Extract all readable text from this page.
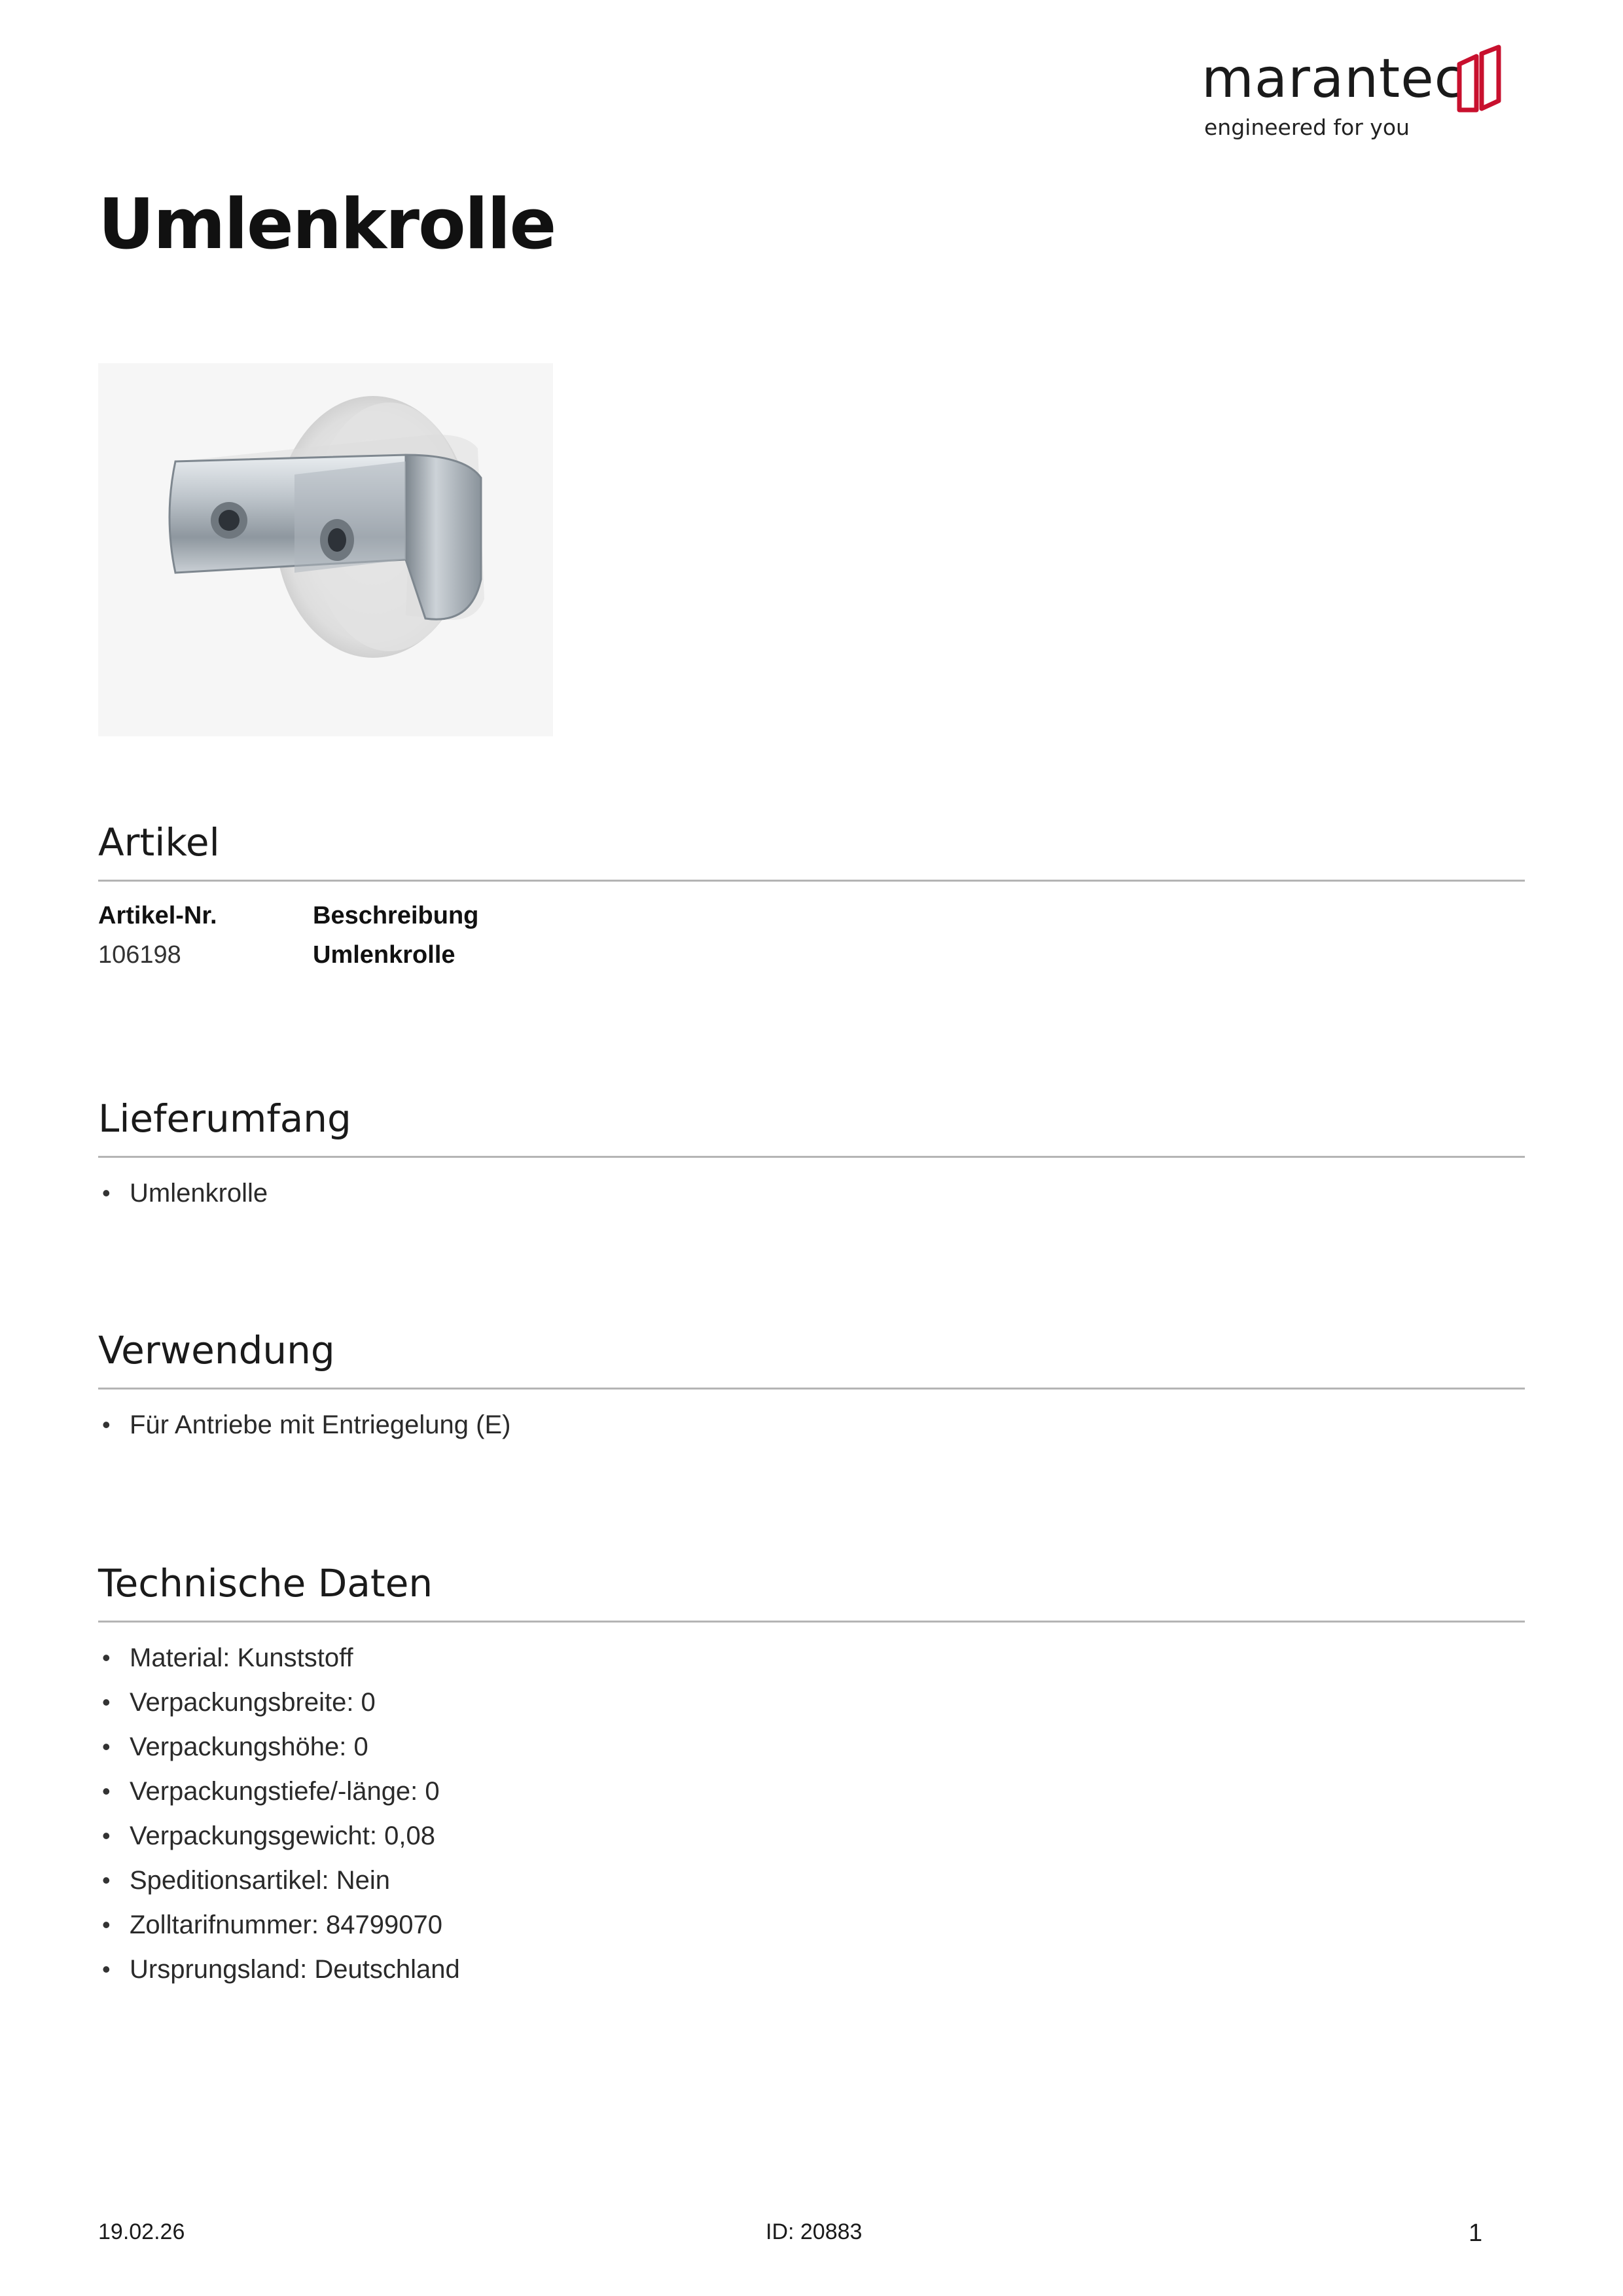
marantec
engineered for you
Umlenkrolle
Artikel
Artikel-Nr.	Beschreibung
106198	Umlenkrolle
Lieferumfang
• Umlenkrolle
Verwendung
• Für Antriebe mit Entriegelung (E)
Technische Daten
• Material: Kunststoff
• Verpackungsbreite: 0
• Verpackungshöhe: 0
• Verpackungstiefe/-länge: 0
• Verpackungsgewicht: 0,08
• Speditionsartikel: Nein
• Zolltarifnummer: 84799070
• Ursprungsland: Deutschland
19.02.26	ID: 20883	1
